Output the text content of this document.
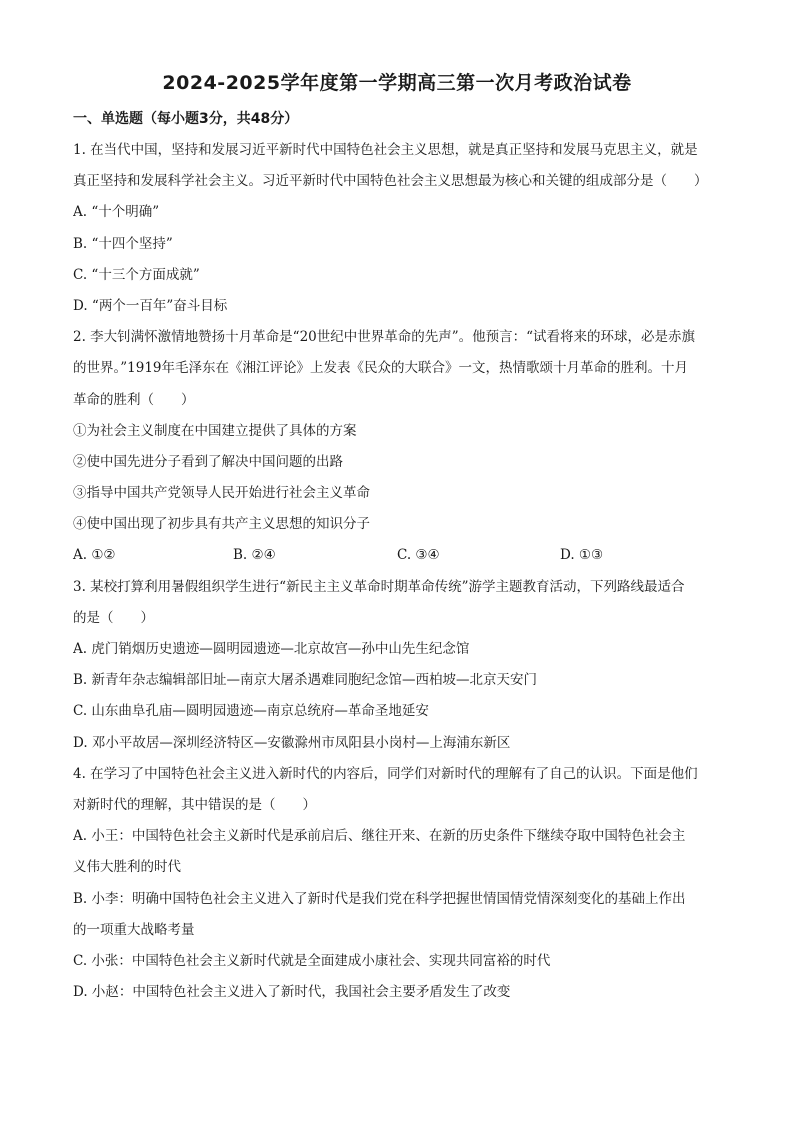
2024-2025学年度第一学期高三第一次月考政治试卷
一、单选题（每小题3分，共48分）
1. 在当代中国，坚持和发展习近平新时代中国特色社会主义思想，就是真正坚持和发展马克思主义，就是
真正坚持和发展科学社会主义。习近平新时代中国特色社会主义思想最为核心和关键的组成部分是（　　）
A. “十个明确”
B. “十四个坚持”
C. “十三个方面成就”
D. “两个一百年”奋斗目标
2. 李大钊满怀激情地赞扬十月革命是“20世纪中世界革命的先声”。他预言：“试看将来的环球，必是赤旗
的世界。”1919年毛泽东在《湘江评论》上发表《民众的大联合》一文，热情歌颂十月革命的胜利。十月
革命的胜利（　　）
①为社会主义制度在中国建立提供了具体的方案
②使中国先进分子看到了解决中国问题的出路
③指导中国共产党领导人民开始进行社会主义革命
④使中国出现了初步具有共产主义思想的知识分子
A. ①②	B. ②④	C. ③④	D. ①③
3. 某校打算利用暑假组织学生进行“新民主主义革命时期革命传统”游学主题教育活动，下列路线最适合
的是（　　）
A. 虎门销烟历史遗迹—圆明园遗迹—北京故宫—孙中山先生纪念馆
B. 新青年杂志编辑部旧址—南京大屠杀遇难同胞纪念馆—西柏坡—北京天安门
C. 山东曲阜孔庙—圆明园遗迹—南京总统府—革命圣地延安
D. 邓小平故居—深圳经济特区—安徽滁州市凤阳县小岗村—上海浦东新区
4. 在学习了中国特色社会主义进入新时代的内容后，同学们对新时代的理解有了自己的认识。下面是他们
对新时代的理解，其中错误的是（　　）
A. 小王：中国特色社会主义新时代是承前启后、继往开来、在新的历史条件下继续夺取中国特色社会主
义伟大胜利的时代
B. 小李：明确中国特色社会主义进入了新时代是我们党在科学把握世情国情党情深刻变化的基础上作出
的一项重大战略考量
C. 小张：中国特色社会主义新时代就是全面建成小康社会、实现共同富裕的时代
D. 小赵：中国特色社会主义进入了新时代，我国社会主要矛盾发生了改变
